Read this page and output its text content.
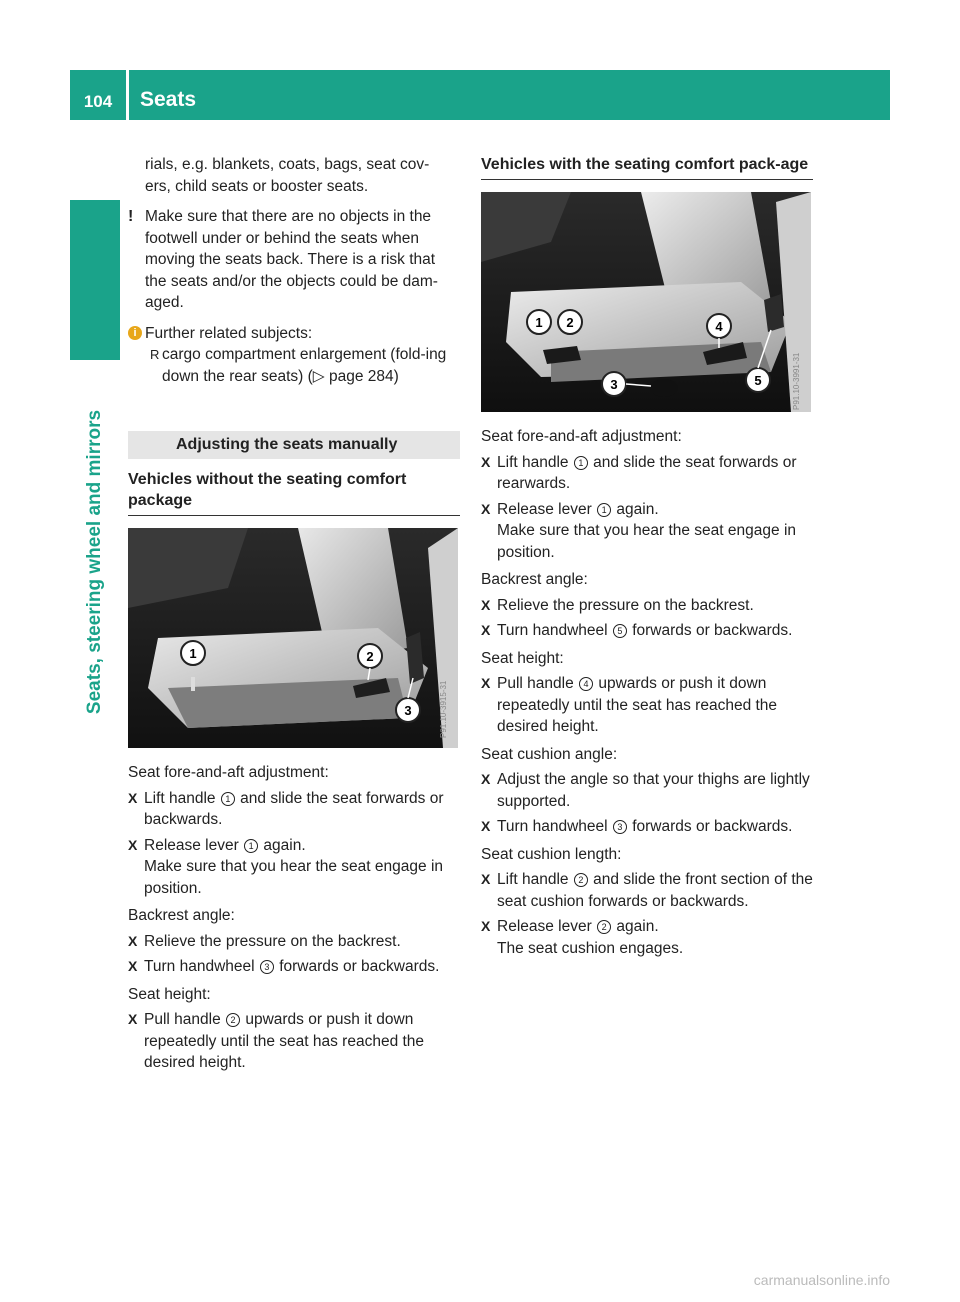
104	Seats
Seats, steering wheel and mirrors

rials, e.g. blankets, coats, bags, seat cov-

ers, child seats or booster seats.

! Make sure that there are no objects in the footwell under or behind the seats when moving the seats back. There is a risk that the seats and/or the objects could be dam-aged.

i Further related subjects:

R cargo compartment enlargement (fold-ing down the rear seats) (▷ page 284)

Adjusting the seats manually
Vehicles without the seating comfort package
1	2
3	P91.10-3915-31

Seat fore-and-aft adjustment:

X Lift handle 1 and slide the seat forwards or backwards.
X Release lever 1 again.

Make sure that you hear the seat engage in position.

Backrest angle:

X Relieve the pressure on the backrest.
X Turn handwheel 3 forwards or backwards.

Seat height:

X Pull handle 2 upwards or push it down repeatedly until the seat has reached the desired height.
Vehicles with the seating comfort pack-age
1 2
3
4
5	P91.10-3991-31

Seat fore-and-aft adjustment:

X Lift handle 1 and slide the seat forwards or rearwards.
X Release lever 1 again.

Make sure that you hear the seat engage in position.

Backrest angle:

X Relieve the pressure on the backrest.
X Turn handwheel 5 forwards or backwards.

Seat height:

X Pull handle 4 upwards or push it down repeatedly until the seat has reached the desired height.

Seat cushion angle:

X Adjust the angle so that your thighs are lightly supported.
X Turn handwheel 3 forwards or backwards.

Seat cushion length:

X Lift handle 2 and slide the front section of the seat cushion forwards or backwards.
X Release lever 2 again.

The seat cushion engages.

carmanualsonline.info
